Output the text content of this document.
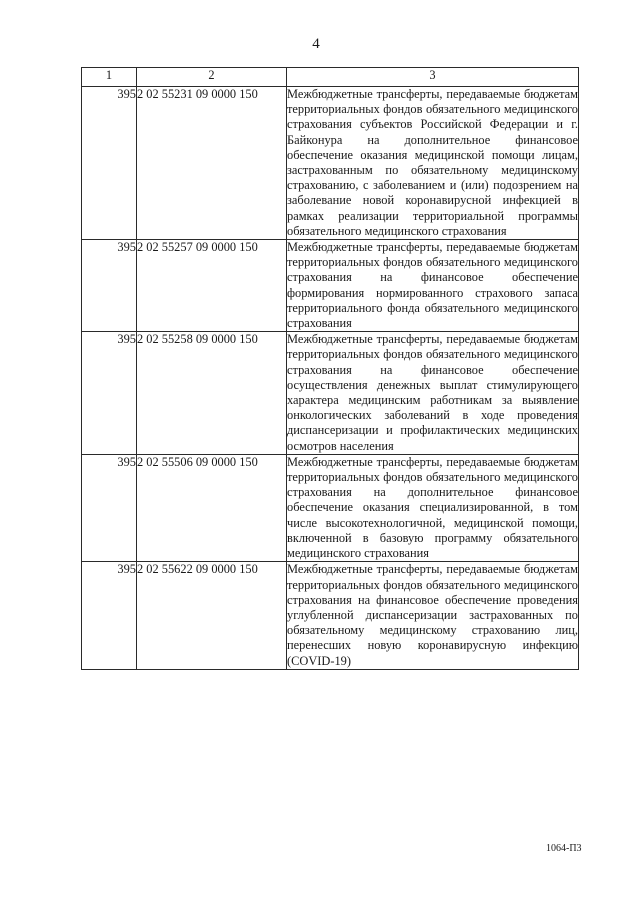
4
1	2	3
395	2 02 55231 09 0000 150	Межбюджетные трансферты, передаваемые бюджетам территориальных фондов обязательного медицинского страхования субъектов Российской Федерации и г. Байконура на дополнительное финансовое обеспечение оказания медицинской помощи лицам, застрахованным по обязательному медицинскому страхованию, с заболеванием и (или) подозрением на заболевание новой коронавирусной инфекцией в рамках реализации территориальной программы обязательного медицинского страхования
395	2 02 55257 09 0000 150	Межбюджетные трансферты, передаваемые бюджетам территориальных фондов обязательного медицинского страхования на финансовое обеспечение формирования нормированного страхового запаса территориального фонда обязательного медицинского страхования
395	2 02 55258 09 0000 150	Межбюджетные трансферты, передаваемые бюджетам территориальных фондов обязательного медицинского страхования на финансовое обеспечение осуществления денежных выплат стимулирующего характера медицинским работникам за выявление онкологических заболеваний в ходе проведения диспансеризации и профилактических медицинских осмотров населения
395	2 02 55506 09 0000 150	Межбюджетные трансферты, передаваемые бюджетам территориальных фондов обязательного медицинского страхования на дополнительное финансовое обеспечение оказания специализированной, в том числе высокотехнологичной, медицинской помощи, включенной в базовую программу обязательного медицинского страхования
395	2 02 55622 09 0000 150	Межбюджетные трансферты, передаваемые бюджетам территориальных фондов обязательного медицинского страхования на финансовое обеспечение проведения углубленной диспансеризации застрахованных по обязательному медицинскому страхованию лиц, перенесших новую коронавирусную инфекцию (COVID-19)
1064-П3
